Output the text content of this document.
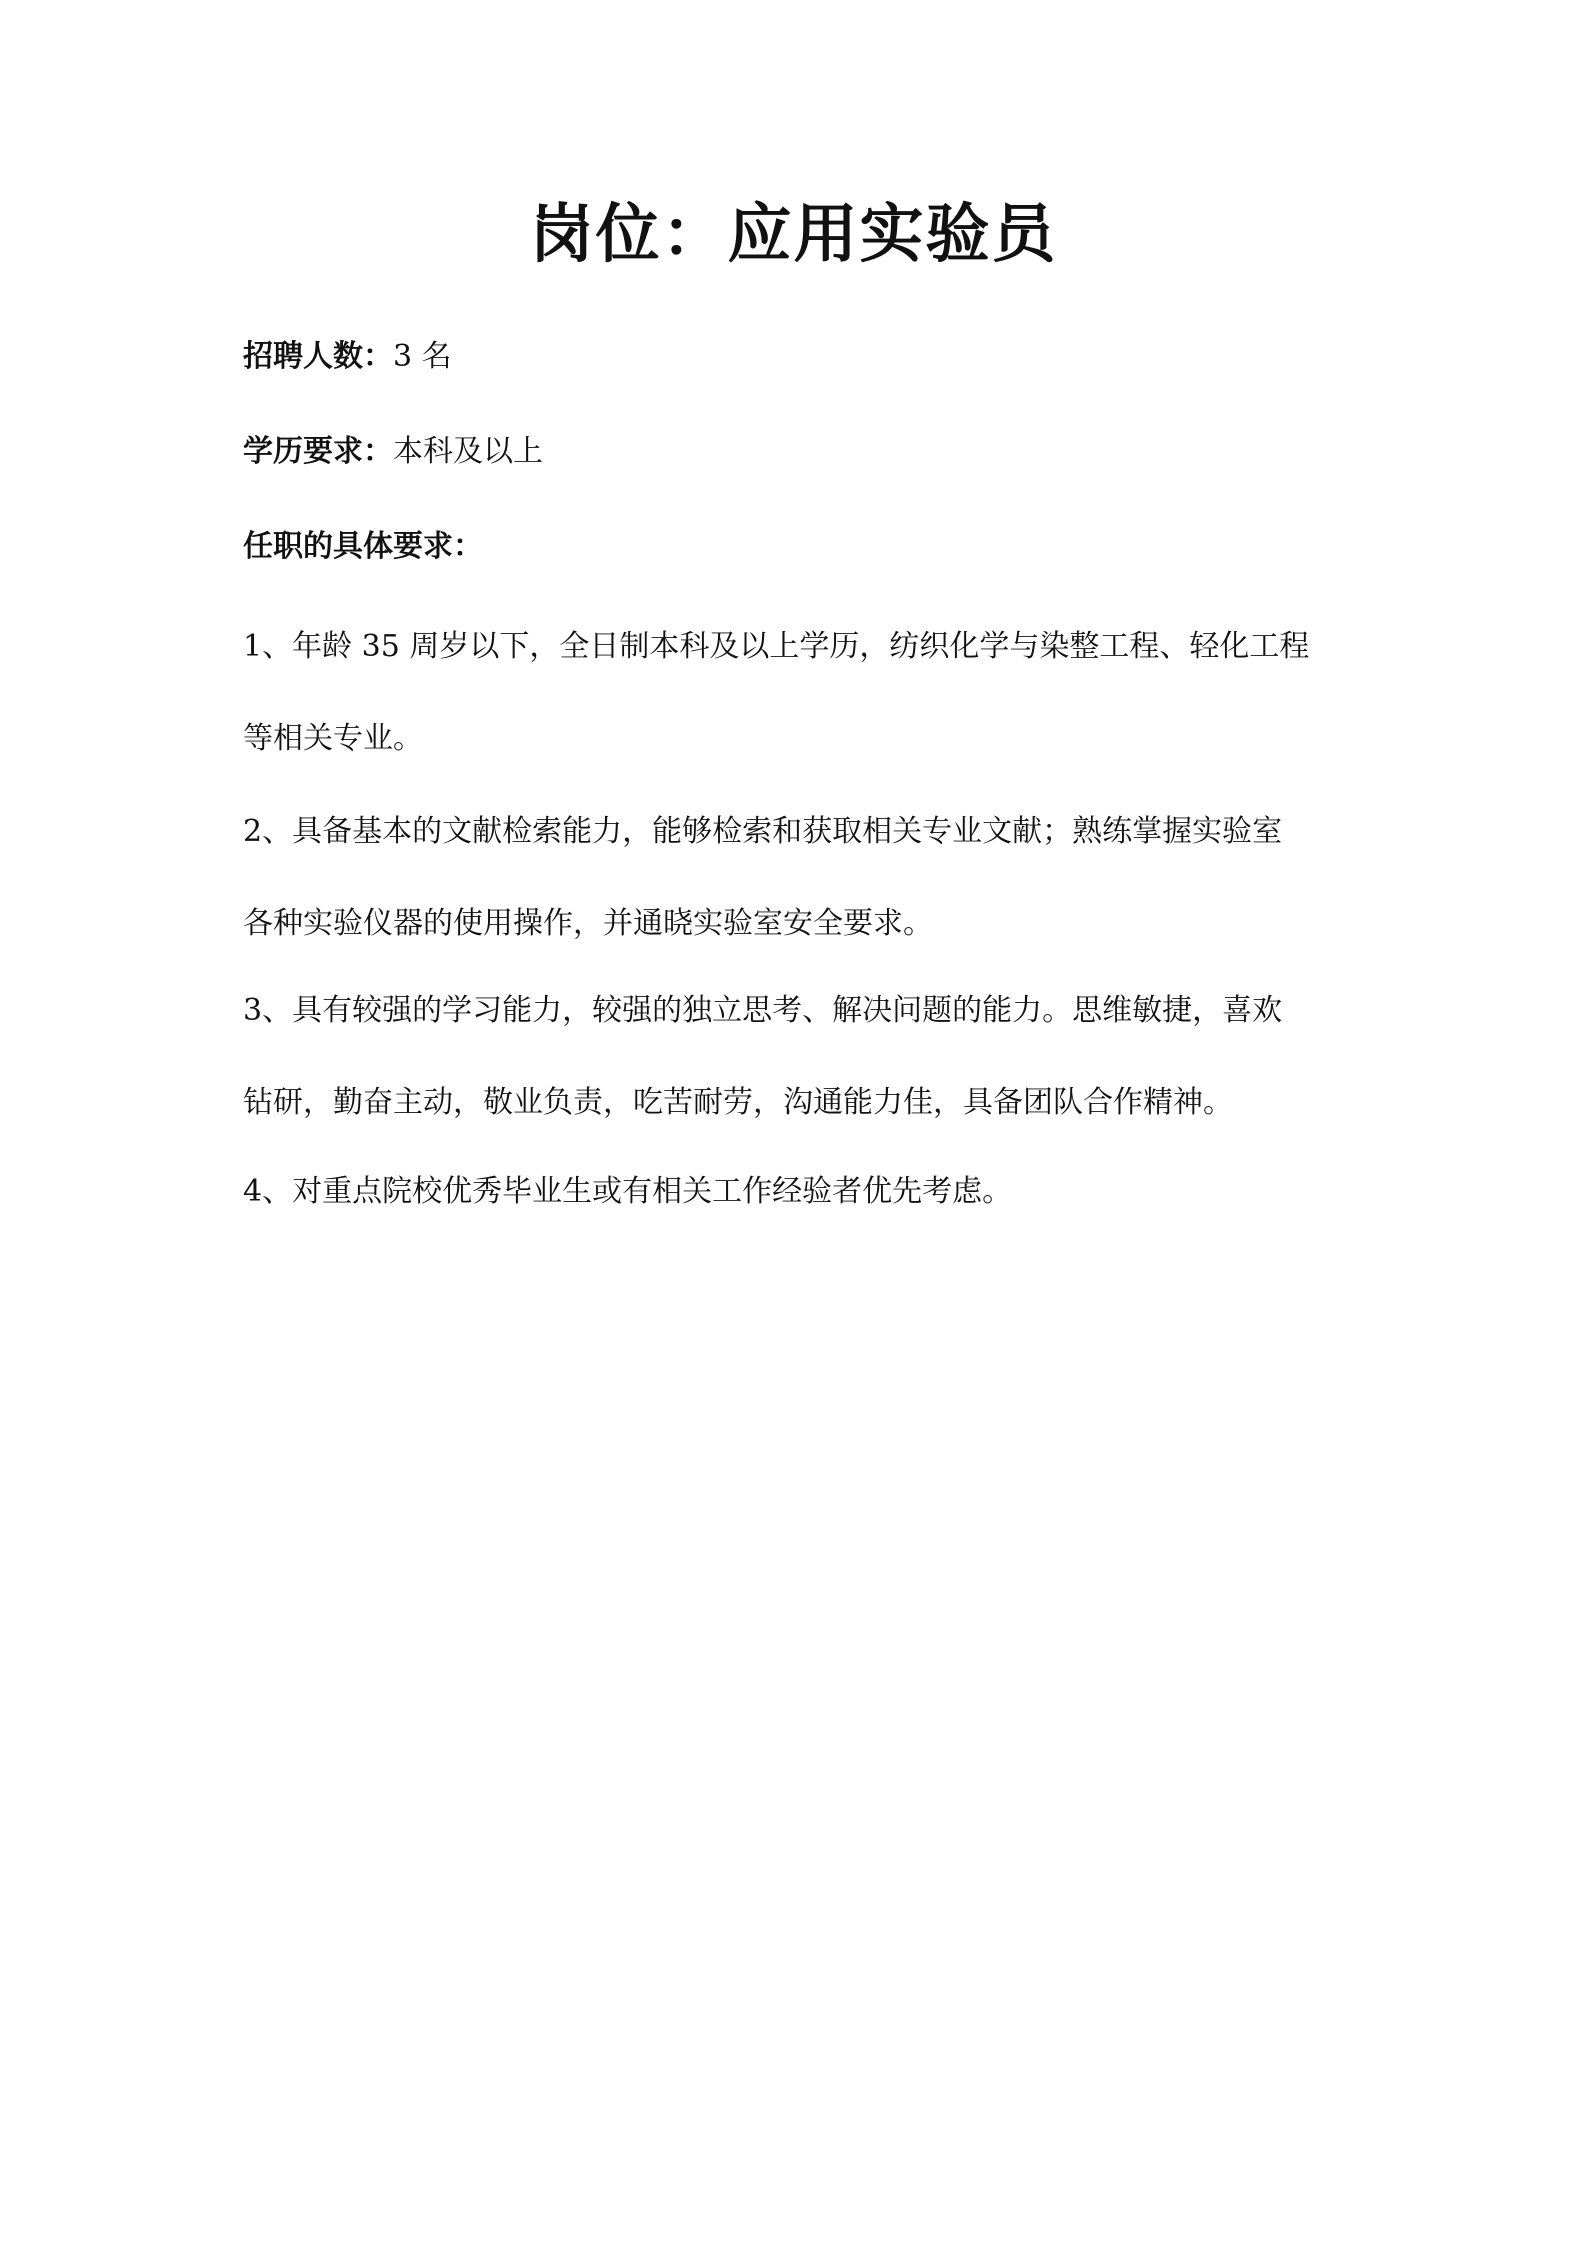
岗位：应用实验员
招聘人数：3 名
学历要求：本科及以上
任职的具体要求：
1、年龄 35 周岁以下，全日制本科及以上学历，纺织化学与染整工程、轻化工程
等相关专业。
2、具备基本的文献检索能力，能够检索和获取相关专业文献；熟练掌握实验室
各种实验仪器的使用操作，并通晓实验室安全要求。
3、具有较强的学习能力，较强的独立思考、解决问题的能力。思维敏捷，喜欢
钻研，勤奋主动，敬业负责，吃苦耐劳，沟通能力佳，具备团队合作精神。
4、对重点院校优秀毕业生或有相关工作经验者优先考虑。
